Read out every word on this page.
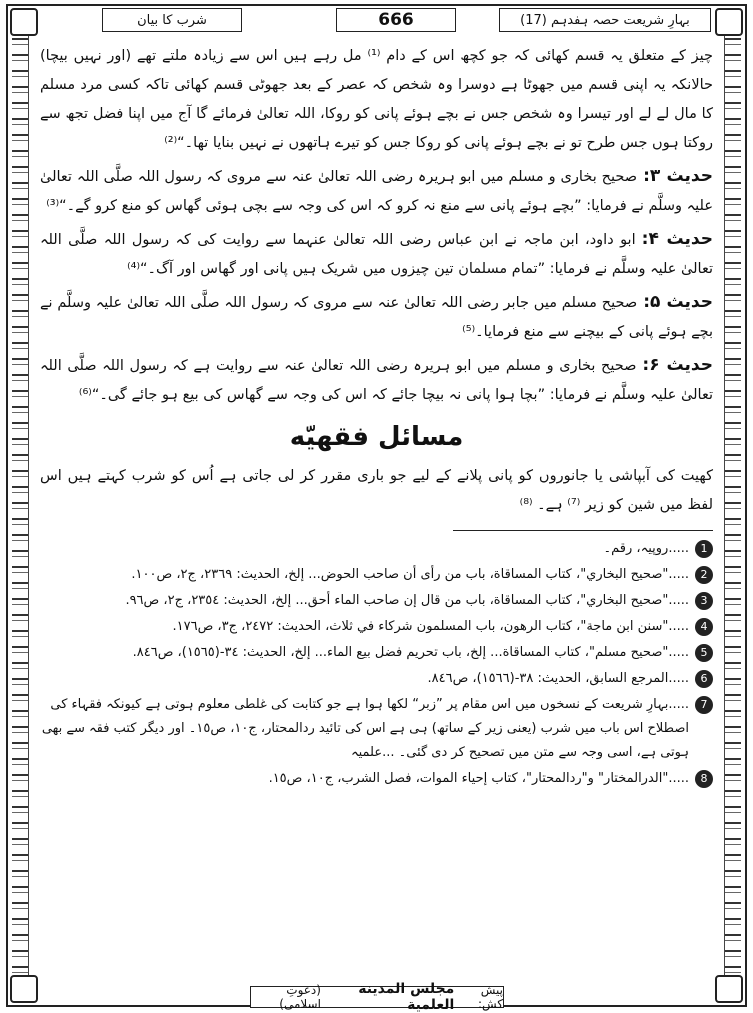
شرب کا بیان	666	بہارِ شریعت حصہ ہفدہم (17)

چیز کے متعلق یہ قسم کھائی کہ جو کچھ اس کے دام ⁽¹⁾ مل رہے ہیں اس سے زیادہ ملتے تھے (اور نہیں بیچا) حالانکہ یہ اپنی قسم میں جھوٹا ہے دوسرا وہ شخص کہ عصر کے بعد جھوٹی قسم کھائی تاکہ کسی مرد مسلم کا مال لے لے اور تیسرا وہ شخص جس نے بچے ہوئے پانی کو روکا، اللہ تعالیٰ فرمائے گا آج میں اپنا فضل تجھ سے روکتا ہوں جس طرح تو نے بچے ہوئے پانی کو روکا جس کو تیرے ہاتھوں نے نہیں بنایا تھا۔“⁽²⁾

حدیث ۳:صحیح بخاری و مسلم میں ابو ہریرہ رضی اللہ تعالیٰ عنہ سے مروی کہ رسول اللہ صلَّی اللہ تعالیٰ علیہ وسلَّم نے فرمایا: ”بچے ہوئے پانی سے منع نہ کرو کہ اس کی وجہ سے بچی ہوئی گھاس کو منع کرو گے۔“⁽³⁾

حدیث ۴:ابو داود، ابن ماجہ نے ابن عباس رضی اللہ تعالیٰ عنہما سے روایت کی کہ رسول اللہ صلَّی اللہ تعالیٰ علیہ وسلَّم نے فرمایا: ”تمام مسلمان تین چیزوں میں شریک ہیں پانی اور گھاس اور آگ۔“⁽⁴⁾

حدیث ۵:صحیح مسلم میں جابر رضی اللہ تعالیٰ عنہ سے مروی کہ رسول اللہ صلَّی اللہ تعالیٰ علیہ وسلَّم نے بچے ہوئے پانی کے بیچنے سے منع فرمایا۔⁽⁵⁾

حدیث ۶:صحیح بخاری و مسلم میں ابو ہریرہ رضی اللہ تعالیٰ عنہ سے روایت ہے کہ رسول اللہ صلَّی اللہ تعالیٰ علیہ وسلَّم نے فرمایا: ”بچا ہوا پانی نہ بیچا جائے کہ اس کی وجہ سے گھاس کی بیع ہو جائے گی۔“⁽⁶⁾

مسائل فقهيّه

کھیت کی آبپاشی یا جانوروں کو پانی پلانے کے لیے جو باری مقرر کر لی جاتی ہے اُس کو شرب کہتے ہیں اس لفظ میں شین کو زیر ⁽⁷⁾ ہے۔ ⁽⁸⁾

1
.....روپیہ، رقم۔
2
....."صحيح البخاري"، كتاب المساقاة، باب من رأى أن صاحب الحوض... إلخ، الحديث: ۲۳٦۹، ج۲، ص۱۰۰.
3
....."صحيح البخاري"، كتاب المساقاة، باب من قال إن صاحب الماء أحق... إلخ، الحديث: ۲۳٥٤، ج۲، ص۹٦.
4
....."سنن ابن ماجة"، كتاب الرهون، باب المسلمون شركاء في ثلاث، الحديث: ۲٤۷۲، ج۳، ص۱۷٦.
5
....."صحيح مسلم"، كتاب المساقاة... إلخ، باب تحريم فضل بيع الماء... إلخ، الحديث: ۳٤-(۱٥٦٥)، ص۸٤٦.
6
.....المرجع السابق، الحديث: ۳۸-(۱٥٦٦)، ص۸٤٦.
7
.....بہارِ شریعت کے نسخوں میں اس مقام پر ”زبر“ لکھا ہوا ہے جو کتابت کی غلطی معلوم ہوتی ہے کیونکہ فقہاء کی اصطلاح اس باب میں شرب (یعنی زیر کے ساتھ) ہی ہے اس کی تائید ردالمحتار، ج۱۰، ص۱٥۔ اور دیگر کتب فقہ سے بھی ہوتی ہے، اسی وجہ سے متن میں تصحیح کر دی گئی۔ ...علمیہ
8
....."الدرالمختار" و"ردالمحتار"، كتاب إحياء الموات، فصل الشرب، ج۱۰، ص۱٥.
پیش کش:
مجلس المدينة العلمية
(دعوتِ اسلامی)
